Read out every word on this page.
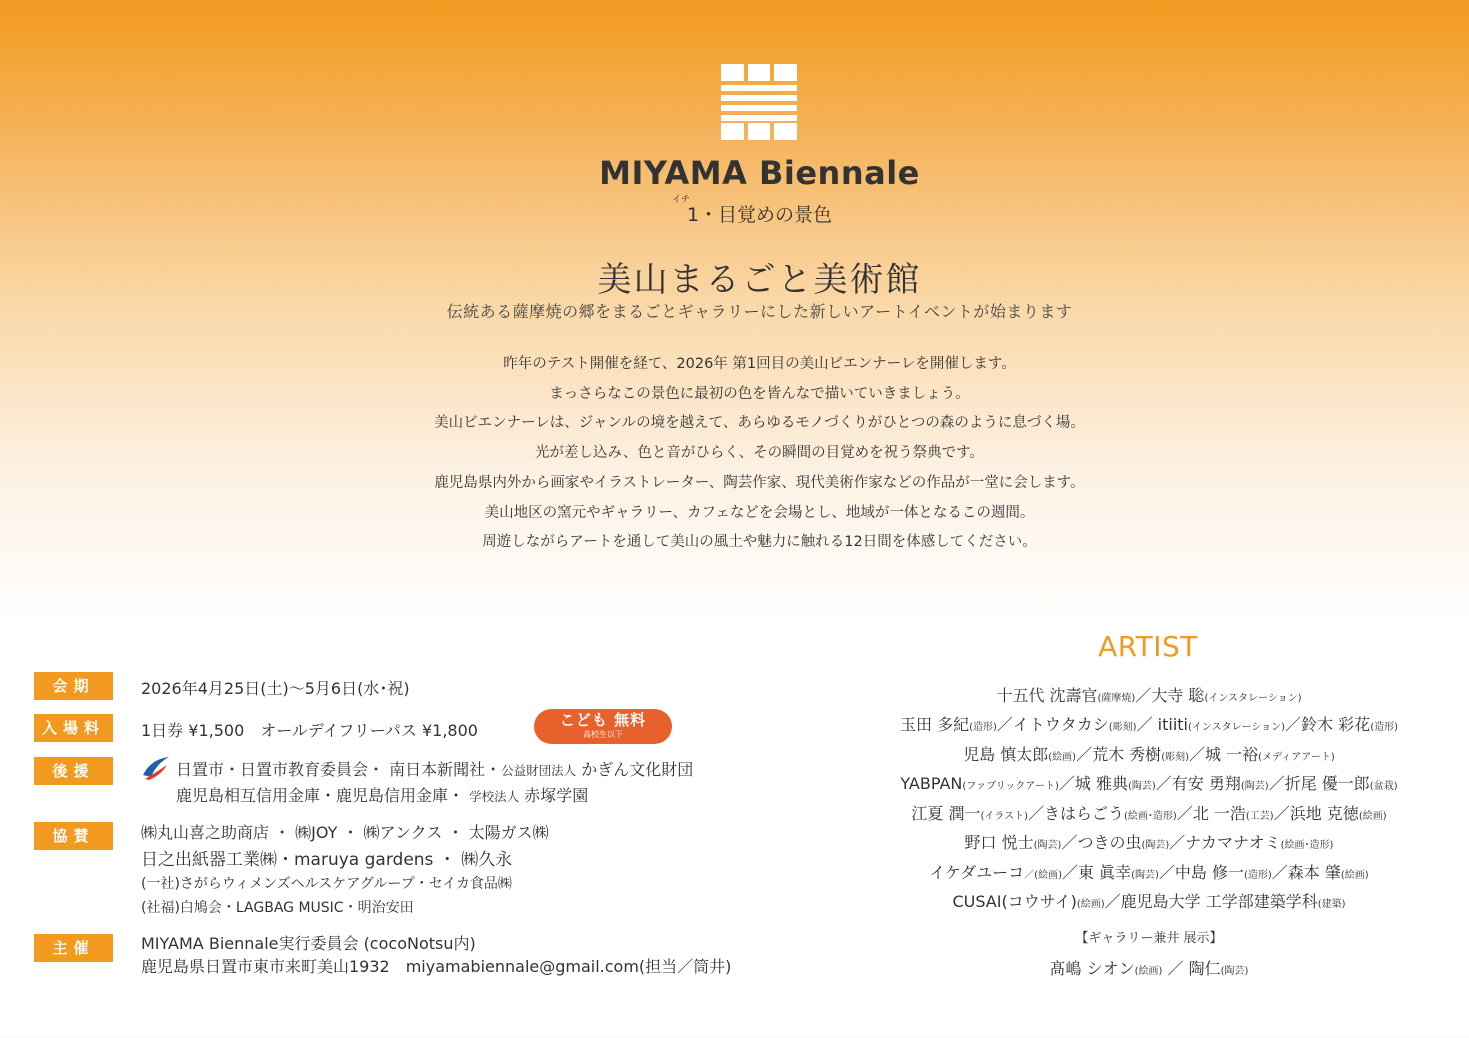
MIYAMA Biennale
イチ
1・目覚めの景色
美山まるごと美術館
伝統ある薩摩焼の郷をまるごとギャラリーにした新しいアートイベントが始まります
昨年のテスト開催を経て、2026年 第1回目の美山ビエンナーレを開催します。
まっさらなこの景色に最初の色を皆んなで描いていきましょう。
美山ビエンナーレは、ジャンルの境を越えて、あらゆるモノづくりがひとつの森のように息づく場。
光が差し込み、色と音がひらく、その瞬間の目覚めを祝う祭典です。
鹿児島県内外から画家やイラストレーター、陶芸作家、現代美術作家などの作品が一堂に会します。
美山地区の窯元やギャラリー、カフェなどを会場とし、地域が一体となるこの週間。
周遊しながらアートを通して美山の風土や魅力に触れる12日間を体感してください。
会期	2026年4月25日(土)〜5月6日(水･祝)
入場料	1日券 ¥1,500　オールデイフリーパス ¥1,800
こども 無料
高校生以下
後援	日置市・日置市教育委員会・ 南日本新聞社・公益財団法人 かぎん文化財団
鹿児島相互信用金庫・鹿児島信用金庫・ 学校法人 赤塚学園
協賛	㈱丸山喜之助商店 ・ ㈱JOY ・ ㈱アンクス ・ 太陽ガス㈱
日之出紙器工業㈱・maruya gardens ・ ㈱久永
(一社)さがらウィメンズヘルスケアグループ・セイカ食品㈱
(社福)白鳩会・LAGBAG MUSIC・明治安田
主催	MIYAMA Biennale実行委員会 (cocoNotsu内)
鹿児島県日置市東市来町美山1932　miyamabiennale@gmail.com(担当／筒井)
ARTIST
十五代 沈壽官(薩摩焼)／大寺 聡(インスタレーション)
玉田 多紀(造形)／イトウタカシ(彫刻)／ itiiti(インスタレーション)／鈴木 彩花(造形)
児島 慎太郎(絵画)／荒木 秀樹(彫刻)／城 一裕(メディアアート)
YABPAN(ファブリックアート)／城 雅典(陶芸)／有安 勇翔(陶芸)／折尾 優一郎(盆栽)
江夏 潤一(イラスト)／きはらごう(絵画･造形)／北 一浩(工芸)／浜地 克徳(絵画)
野口 悦士(陶芸)／つきの虫(陶芸)／ナカマナオミ(絵画･造形)
イケダユーコ／(絵画)／東 眞幸(陶芸)／中島 修一(造形)／森本 肇(絵画)
CUSAI(コウサイ)(絵画)／鹿児島大学 工学部建築学科(建築)
【ギャラリー兼井 展示】
髙嶋 シオン(絵画) ／ 陶仁(陶芸)
